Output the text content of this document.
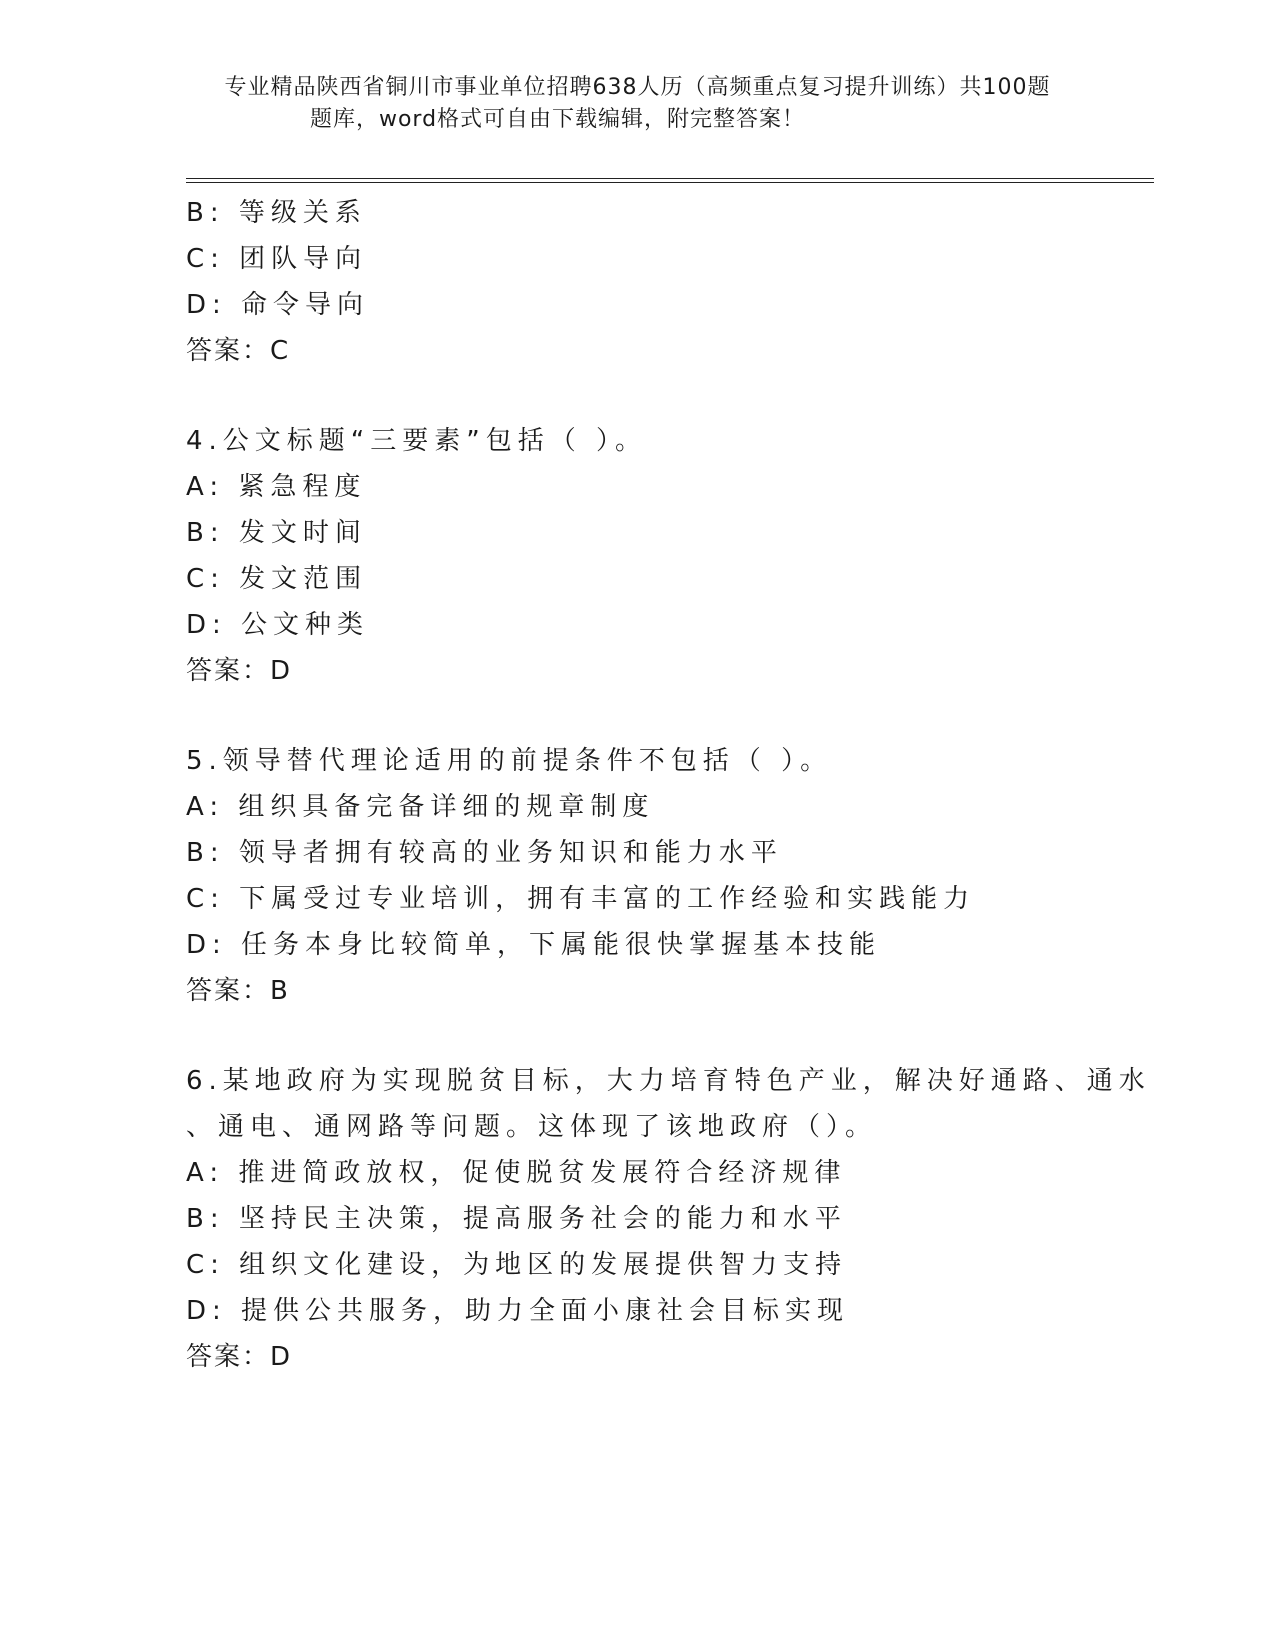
专业精品陕西省铜川市事业单位招聘638人历（高频重点复习提升训练）共100题
题库，word格式可自由下载编辑，附完整答案！
B: 等级关系
C: 团队导向
D: 命令导向
答案：C
4.公文标题“三要素”包括（ ）。
A: 紧急程度
B: 发文时间
C: 发文范围
D: 公文种类
答案：D
5.领导替代理论适用的前提条件不包括（ ）。
A: 组织具备完备详细的规章制度
B: 领导者拥有较高的业务知识和能力水平
C: 下属受过专业培训，拥有丰富的工作经验和实践能力
D: 任务本身比较简单，下属能很快掌握基本技能
答案：B
6.某地政府为实现脱贫目标，大力培育特色产业，解决好通路、通水
、通电、通网路等问题。这体现了该地政府（）。
A: 推进简政放权，促使脱贫发展符合经济规律
B: 坚持民主决策，提高服务社会的能力和水平
C: 组织文化建设，为地区的发展提供智力支持
D: 提供公共服务，助力全面小康社会目标实现
答案：D
